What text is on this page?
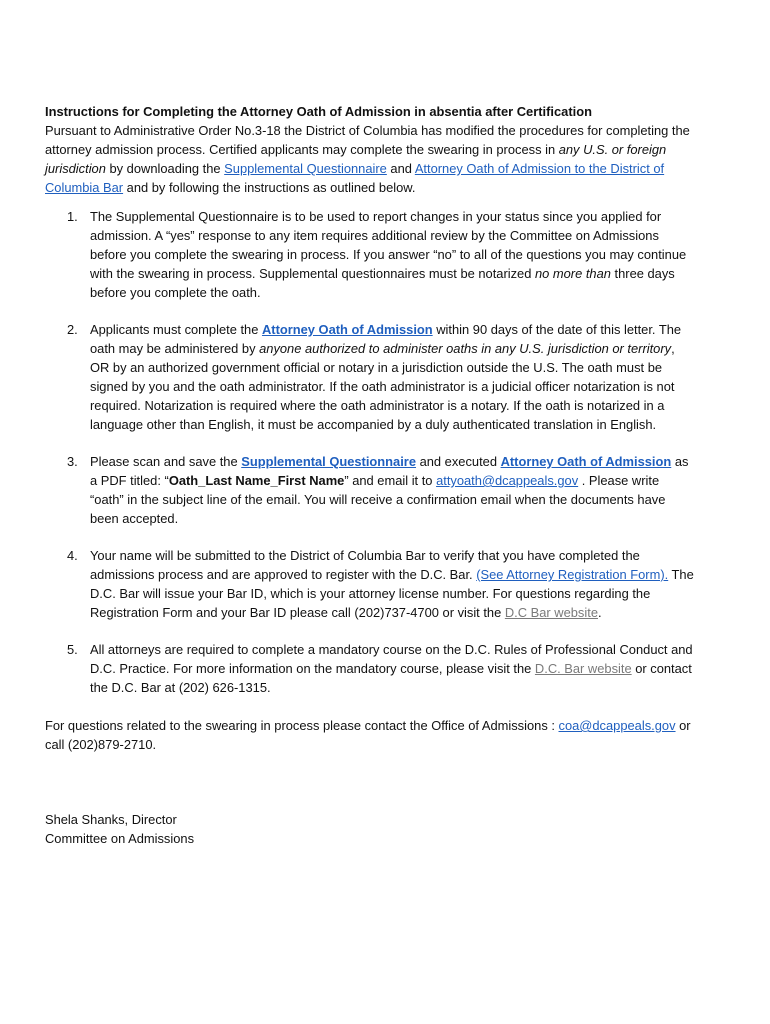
Instructions for Completing the Attorney Oath of Admission in absentia after Certification

Pursuant to Administrative Order No.3-18 the District of Columbia has modified the procedures for completing the attorney admission process. Certified applicants may complete the swearing in process in any U.S. or foreign jurisdiction by downloading the Supplemental Questionnaire and Attorney Oath of Admission to the District of Columbia Bar and by following the instructions as outlined below.

1. The Supplemental Questionnaire is to be used to report changes in your status since you applied for admission. A “yes” response to any item requires additional review by the Committee on Admissions before you complete the swearing in process. If you answer “no” to all of the questions you may continue with the swearing in process. Supplemental questionnaires must be notarized no more than three days before you complete the oath.
2. Applicants must complete the Attorney Oath of Admission within 90 days of the date of this letter. The oath may be administered by anyone authorized to administer oaths in any U.S. jurisdiction or territory, OR by an authorized government official or notary in a jurisdiction outside the U.S. The oath must be signed by you and the oath administrator. If the oath administrator is a judicial officer notarization is not required. Notarization is required where the oath administrator is a notary. If the oath is notarized in a language other than English, it must be accompanied by a duly authenticated translation in English.
3. Please scan and save the Supplemental Questionnaire and executed Attorney Oath of Admission as a PDF titled: “Oath_Last Name_First Name” and email it to attyoath@dcappeals.gov . Please write “oath” in the subject line of the email. You will receive a confirmation email when the documents have been accepted.
4. Your name will be submitted to the District of Columbia Bar to verify that you have completed the admissions process and are approved to register with the D.C. Bar. (See Attorney Registration Form). The D.C. Bar will issue your Bar ID, which is your attorney license number. For questions regarding the Registration Form and your Bar ID please call (202)737-4700 or visit the D.C Bar website.
5. All attorneys are required to complete a mandatory course on the D.C. Rules of Professional Conduct and D.C. Practice. For more information on the mandatory course, please visit the D.C. Bar website or contact the D.C. Bar at (202) 626-1315.

For questions related to the swearing in process please contact the Office of Admissions : coa@dcappeals.gov or call (202)879-2710.

Shela Shanks, Director
Committee on Admissions
